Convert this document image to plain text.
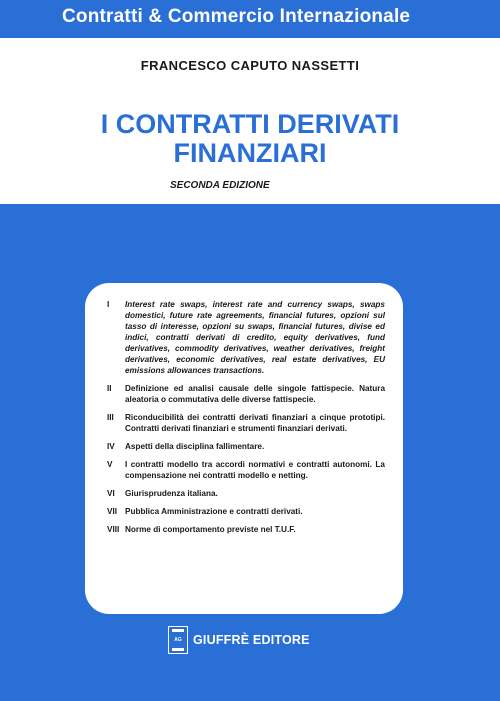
Contratti & Commercio Internazionale
FRANCESCO CAPUTO NASSETTI
I CONTRATTI DERIVATI
FINANZIARI
SECONDA EDIZIONE
I	Interest rate swaps, interest rate and currency swaps, swaps domestici, future rate agreements, financial futures, opzioni sul tasso di interesse, opzioni su swaps, financial futures, divise ed indici, contratti derivati di credito, equity derivatives, fund derivatives, commodity derivatives, weather derivatives, freight derivatives, economic derivatives, real estate derivatives, EU emissions allowances transactions.
II	Definizione ed analisi causale delle singole fattispecie. Natura aleatoria o commutativa delle diverse fattispecie.
III	Riconducibilità dei contratti derivati finanziari a cinque prototipi. Contratti derivati finanziari e strumenti finanziari derivati.
IV	Aspetti della disciplina fallimentare.
V	I contratti modello tra accordi normativi e contratti autonomi. La compensazione nei contratti modello e netting.
VI	Giurisprudenza italiana.
VII Pubblica Amministrazione e contratti derivati.
VIII Norme di comportamento previste nel T.U.F.
AG GIUFFRÈ EDITORE
